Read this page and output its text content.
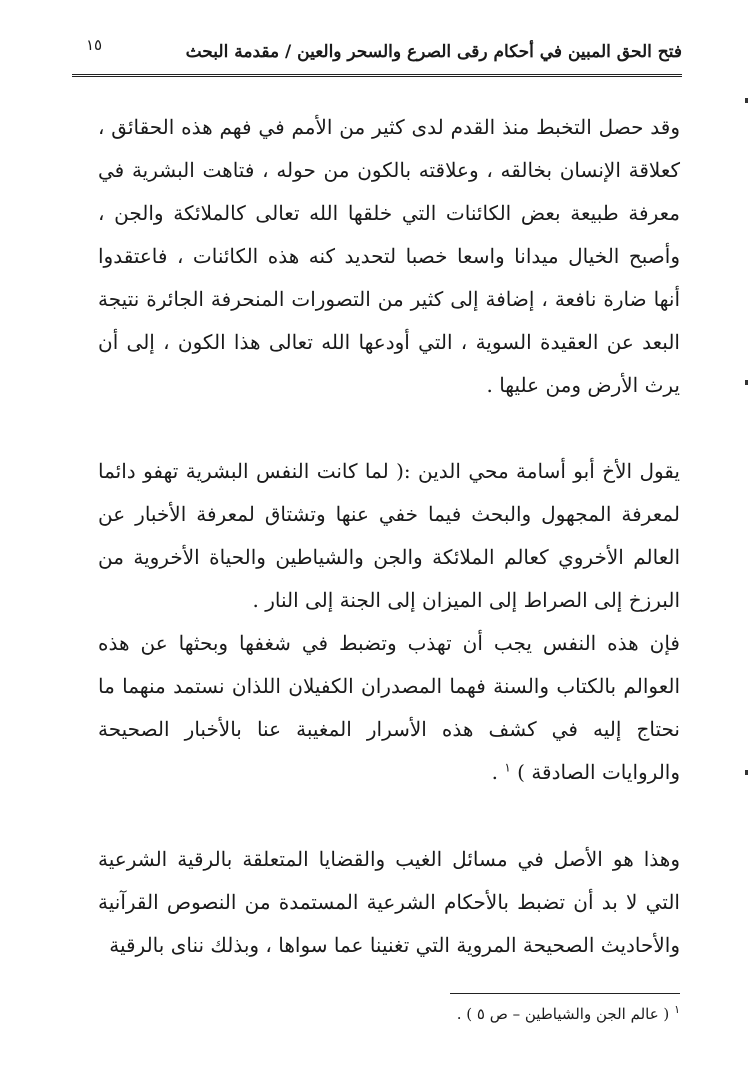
١٥	فتح الحق المبين في أحكام رقى الصرع والسحر والعين / مقدمة البحث

وقد حصل التخبط منذ القدم لدى كثير من الأمم في فهم هذه الحقائق ، كعلاقة الإنسان بخالقه ، وعلاقته بالكون من حوله ، فتاهت البشرية في معرفة طبيعة بعض الكائنات التي خلقها الله تعالى كالملائكة والجن ، وأصبح الخيال ميدانا واسعا خصبا لتحديد كنه هذه الكائنات ، فاعتقدوا أنها ضارة نافعة ، إضافة إلى كثير من التصورات المنحرفة الجائرة نتيجة البعد عن العقيدة السوية ، التي أودعها الله تعالى هذا الكون ، إلى أن يرث الأرض ومن عليها .

يقول الأخ أبو أسامة محي الدين :( لما كانت النفس البشرية تهفو دائما لمعرفة المجهول والبحث فيما خفي عنها وتشتاق لمعرفة الأخبار عن العالم الأخروي كعالم الملائكة والجن والشياطين والحياة الأخروية من البرزخ إلى الصراط إلى الميزان إلى الجنة إلى النار .

فإن هذه النفس يجب أن تهذب وتضبط في شغفها وبحثها عن هذه العوالم بالكتاب والسنة فهما المصدران الكفيلان اللذان نستمد منهما ما نحتاج إليه في كشف هذه الأسرار المغيبة عنا بالأخبار الصحيحة والروايات الصادقة ) $^١$ .

وهذا هو الأصل في مسائل الغيب والقضايا المتعلقة بالرقية الشرعية التي لا بد أن تضبط بالأحكام الشرعية المستمدة من النصوص القرآنية والأحاديث الصحيحة المروية التي تغنينا عما سواها ، وبذلك نناى بالرقية

$^١$ ( عالم الجن والشياطين – ص ٥ ) .
